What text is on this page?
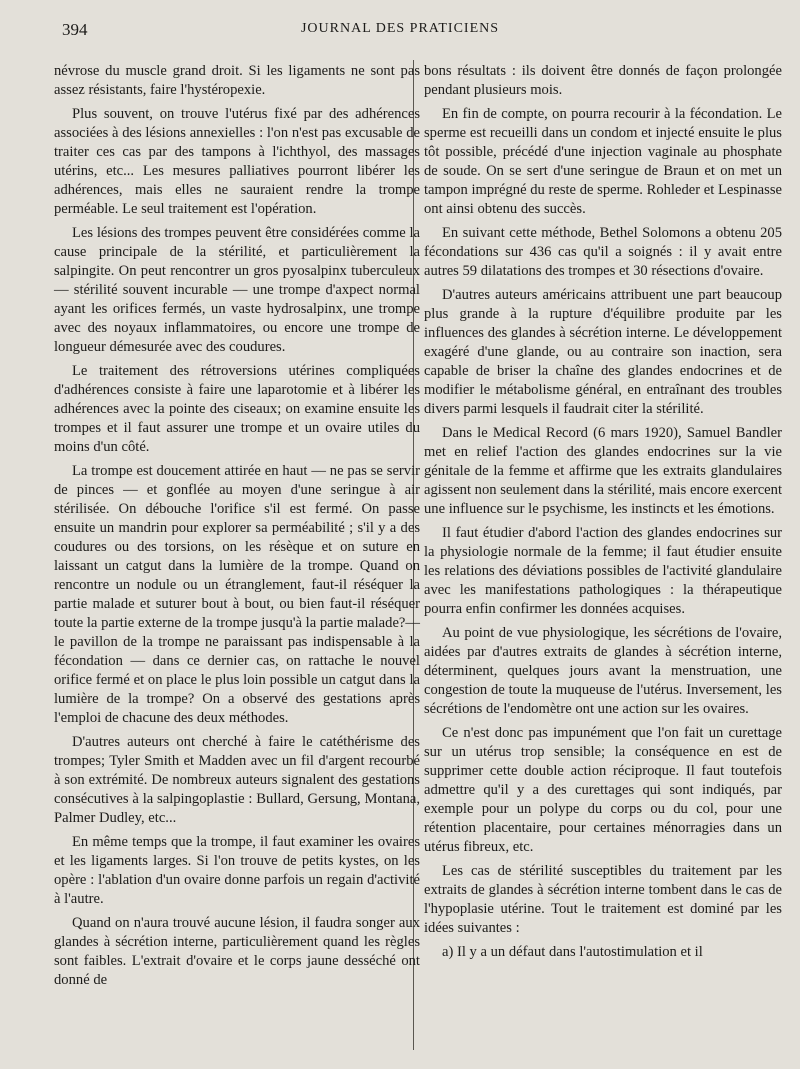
394	JOURNAL DES PRATICIENS

névrose du muscle grand droit. Si les ligaments ne sont pas assez résistants, faire l'hystéropexie.

Plus souvent, on trouve l'utérus fixé par des adhérences associées à des lésions annexielles : l'on n'est pas excusable de traiter ces cas par des tampons à l'ichthyol, des massages utérins, etc... Les mesures palliatives pourront libérer les adhérences, mais elles ne sauraient rendre la trompe perméable. Le seul traitement est l'opération.

Les lésions des trompes peuvent être considérées comme la cause principale de la stérilité, et particulièrement la salpingite. On peut rencontrer un gros pyosalpinx tuberculeux — stérilité souvent incurable — une trompe d'axpect normal ayant les orifices fermés, un vaste hydrosalpinx, une trompe avec des noyaux inflammatoires, ou encore une trompe de longueur démesurée avec des coudures.

Le traitement des rétroversions utérines compliquées d'adhérences consiste à faire une laparotomie et à libérer les adhérences avec la pointe des ciseaux; on examine ensuite les trompes et il faut assurer une trompe et un ovaire utiles du moins d'un côté.

La trompe est doucement attirée en haut — ne pas se servir de pinces — et gonflée au moyen d'une seringue à air stérilisée. On débouche l'orifice s'il est fermé. On passe ensuite un mandrin pour explorer sa perméabilité ; s'il y a des coudures ou des torsions, on les résèque et on suture en laissant un catgut dans la lumière de la trompe. Quand on rencontre un nodule ou un étranglement, faut-il réséquer la partie malade et suturer bout à bout, ou bien faut-il réséquer toute la partie externe de la trompe jusqu'à la partie malade?— le pavillon de la trompe ne paraissant pas indispensable à la fécondation — dans ce dernier cas, on rattache le nouvel orifice fermé et on place le plus loin possible un catgut dans la lumière de la trompe? On a observé des gestations après l'emploi de chacune des deux méthodes.

D'autres auteurs ont cherché à faire le catéthérisme des trompes; Tyler Smith et Madden avec un fil d'argent recourbé à son extrémité. De nombreux auteurs signalent des gestations consécutives à la salpingoplastie : Bullard, Gersung, Montana, Palmer Dudley, etc...

En même temps que la trompe, il faut examiner les ovaires et les ligaments larges. Si l'on trouve de petits kystes, on les opère : l'ablation d'un ovaire donne parfois un regain d'activité à l'autre.

Quand on n'aura trouvé aucune lésion, il faudra songer aux glandes à sécrétion interne, particulièrement quand les règles sont faibles. L'extrait d'ovaire et le corps jaune desséché ont donné de

bons résultats : ils doivent être donnés de façon prolongée pendant plusieurs mois.

En fin de compte, on pourra recourir à la fécondation. Le sperme est recueilli dans un condom et injecté ensuite le plus tôt possible, précédé d'une injection vaginale au phosphate de soude. On se sert d'une seringue de Braun et on met un tampon imprégné du reste de sperme. Rohleder et Lespinasse ont ainsi obtenu des succès.

En suivant cette méthode, Bethel Solomons a obtenu 205 fécondations sur 436 cas qu'il a soignés : il y avait entre autres 59 dilatations des trompes et 30 résections d'ovaire.

D'autres auteurs américains attribuent une part beaucoup plus grande à la rupture d'équilibre produite par les influences des glandes à sécrétion interne. Le développement exagéré d'une glande, ou au contraire son inaction, sera capable de briser la chaîne des glandes endocrines et de modifier le métabolisme général, en entraînant des troubles divers parmi lesquels il faudrait citer la stérilité.

Dans le Medical Record (6 mars 1920), Samuel Bandler met en relief l'action des glandes endocrines sur la vie génitale de la femme et affirme que les extraits glandulaires agissent non seulement dans la stérilité, mais encore exercent une influence sur le psychisme, les instincts et les émotions.

Il faut étudier d'abord l'action des glandes endocrines sur la physiologie normale de la femme; il faut étudier ensuite les relations des déviations possibles de l'activité glandulaire avec les manifestations pathologiques : la thérapeutique pourra enfin confirmer les données acquises.

Au point de vue physiologique, les sécrétions de l'ovaire, aidées par d'autres extraits de glandes à sécrétion interne, déterminent, quelques jours avant la menstruation, une congestion de toute la muqueuse de l'utérus. Inversement, les sécrétions de l'endomètre ont une action sur les ovaires.

Ce n'est donc pas impunément que l'on fait un curettage sur un utérus trop sensible; la conséquence en est de supprimer cette double action réciproque. Il faut toutefois admettre qu'il y a des curettages qui sont indiqués, par exemple pour un polype du corps ou du col, pour une rétention placentaire, pour certaines ménorragies dans un utérus fibreux, etc.

Les cas de stérilité susceptibles du traitement par les extraits de glandes à sécrétion interne tombent dans le cas de l'hypoplasie utérine. Tout le traitement est dominé par les idées suivantes :

a) Il y a un défaut dans l'autostimulation et il
